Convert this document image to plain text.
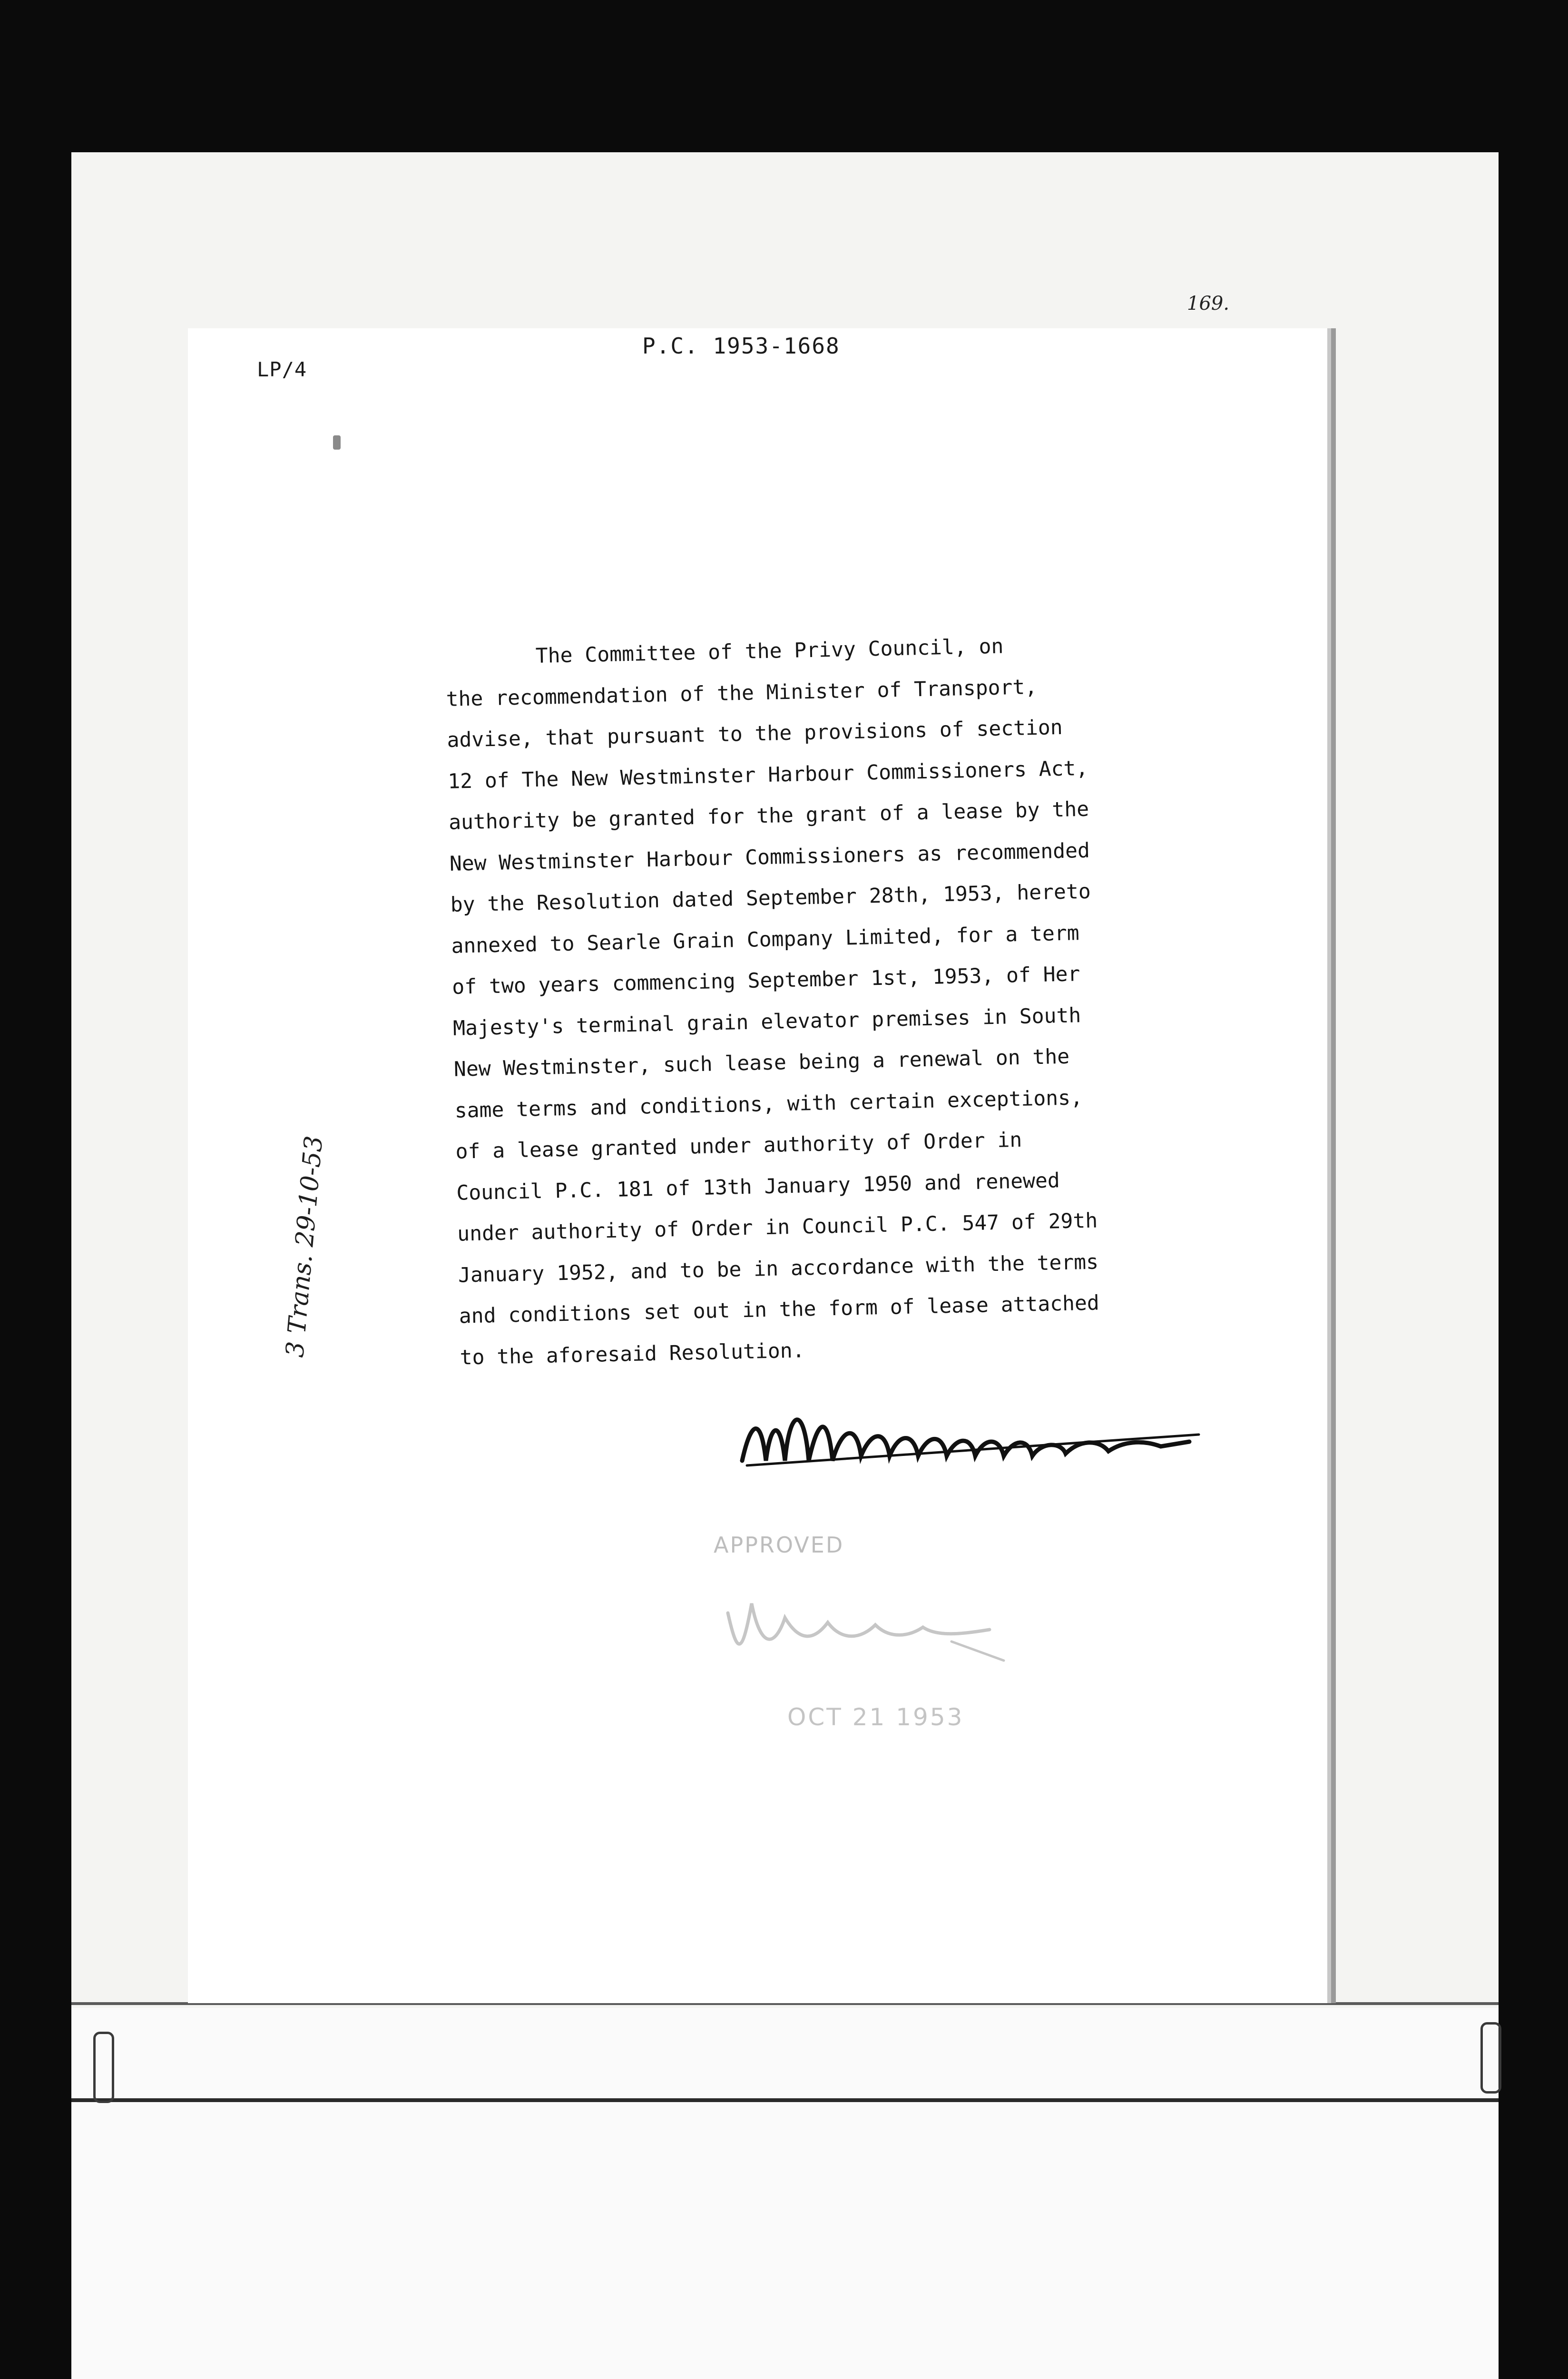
169.
LP/4
P.C. 1953-1668
The Committee of the Privy Council, on
the recommendation of the Minister of Transport,
advise, that pursuant to the provisions of section
12 of The New Westminster Harbour Commissioners Act,
authority be granted for the grant of a lease by the
New Westminster Harbour Commissioners as recommended
by the Resolution dated September 28th, 1953, hereto
annexed to Searle Grain Company Limited, for a term
of two years commencing September 1st, 1953, of Her
Majesty's terminal grain elevator premises in South
New Westminster, such lease being a renewal on the
same terms and conditions, with certain exceptions,
of a lease granted under authority of Order in
Council P.C. 181 of 13th January 1950 and renewed
under authority of Order in Council P.C. 547 of 29th
January 1952, and to be in accordance with the terms
and conditions set out in the form of lease attached
to the aforesaid Resolution.
3 Trans. 29-10-53
APPROVED
OCT 21 1953
